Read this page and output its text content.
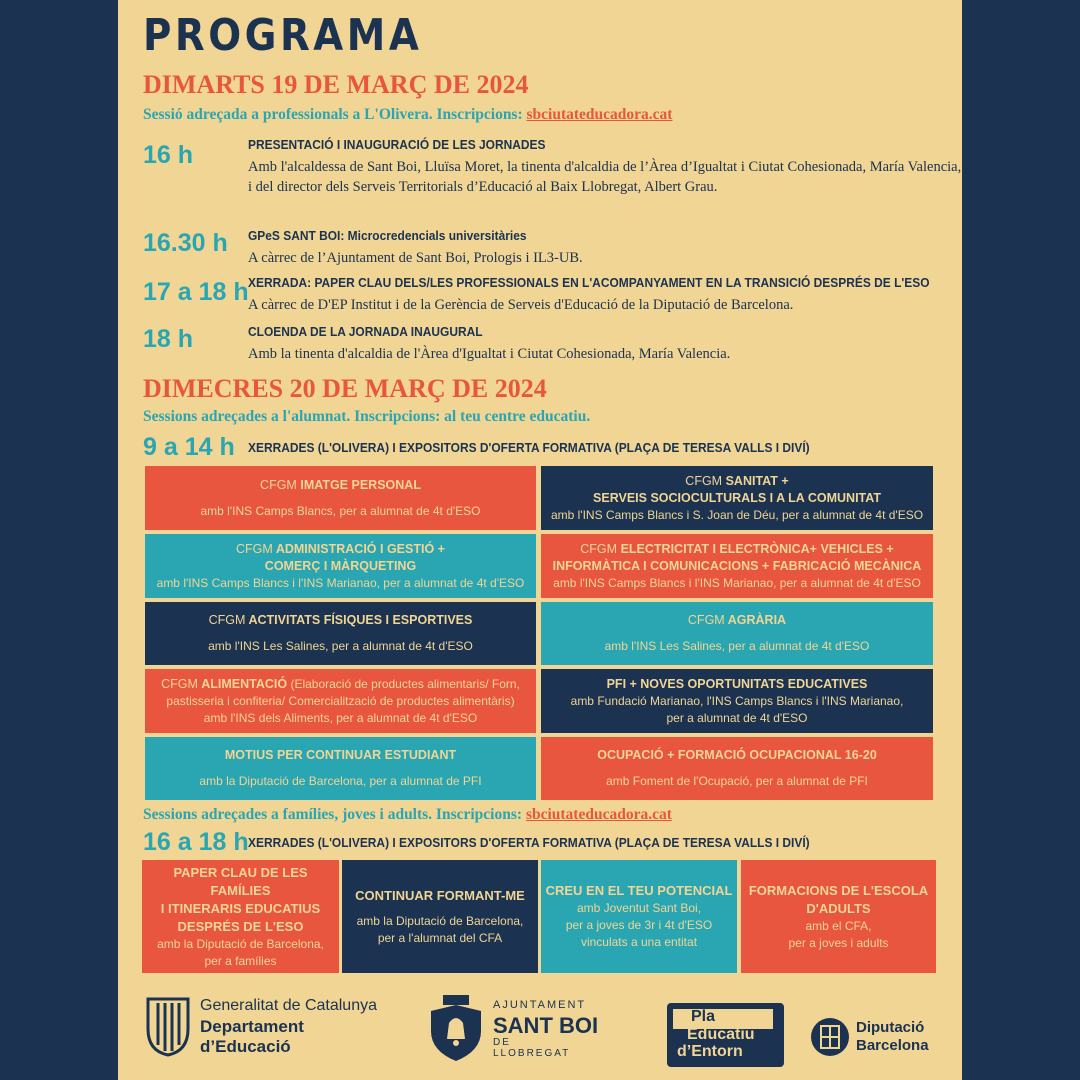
PROGRAMA
DIMARTS 19 DE MARÇ DE 2024
Sessió adreçada a professionals a L'Olivera. Inscripcions: sbciutateducadora.cat
16 h	PRESENTACIÓ I INAUGURACIÓ DE LES JORNADES
Amb l'alcaldessa de Sant Boi, Lluïsa Moret, la tinenta d'alcaldia de l’Àrea d’Igualtat i Ciutat Cohesionada, María Valencia, i del director dels Serveis Territorials d’Educació al Baix Llobregat, Albert Grau.
16.30 h GPeS SANT BOI: Microcredencials universitàries
A càrrec de l’Ajuntament de Sant Boi, Prologis i IL3-UB.
17 a 18 h XERRADA: PAPER CLAU DELS/LES PROFESSIONALS EN L'ACOMPANYAMENT EN LA TRANSICIÓ DESPRÉS DE L'ESO
A càrrec de D'EP Institut i de la Gerència de Serveis d'Educació de la Diputació de Barcelona.
18 h	CLOENDA DE LA JORNADA INAUGURAL
Amb la tinenta d'alcaldia de l'Àrea d'Igualtat i Ciutat Cohesionada, María Valencia.
DIMECRES 20 DE MARÇ DE 2024
Sessions adreçades a l'alumnat. Inscripcions: al teu centre educatiu.
9 a 14 h XERRADES (L'OLIVERA) I EXPOSITORS D'OFERTA FORMATIVA (PLAÇA DE TERESA VALLS I DIVÍ)
CFGM IMATGE PERSONAL
amb l'INS Camps Blancs, per a alumnat de 4t d'ESO
CFGM SANITAT +
SERVEIS SOCIOCULTURALS I A LA COMUNITAT
amb l'INS Camps Blancs i S. Joan de Déu, per a alumnat de 4t d'ESO
CFGM ADMINISTRACIÓ I GESTIÓ +
COMERÇ I MÀRQUETING
amb l'INS Camps Blancs i l'INS Marianao, per a alumnat de 4t d'ESO
CFGM ELECTRICITAT I ELECTRÒNICA+ VEHICLES +
INFORMÀTICA I COMUNICACIONS + FABRICACIÓ MECÀNICA
amb l'INS Camps Blancs i l'INS Marianao, per a alumnat de 4t d'ESO
CFGM ACTIVITATS FÍSIQUES I ESPORTIVES
amb l'INS Les Salines, per a alumnat de 4t d'ESO
CFGM AGRÀRIA
amb l'INS Les Salines, per a alumnat de 4t d'ESO
CFGM ALIMENTACIÓ (Elaboració de productes alimentaris/ Forn,
pastisseria i confiteria/ Comercialització de productes alimentàris)
amb l'INS dels Aliments, per a alumnat de 4t d'ESO
PFI + NOVES OPORTUNITATS EDUCATIVES
amb Fundació Marianao, l'INS Camps Blancs i l'INS Marianao,
per a alumnat de 4t d'ESO
MOTIUS PER CONTINUAR ESTUDIANT
amb la Diputació de Barcelona, per a alumnat de PFI
OCUPACIÓ + FORMACIÓ OCUPACIONAL 16-20
amb Foment de l'Ocupació, per a alumnat de PFI
Sessions adreçades a famílies, joves i adults. Inscripcions: sbciutateducadora.cat
16 a 18 h XERRADES (L'OLIVERA) I EXPOSITORS D'OFERTA FORMATIVA (PLAÇA DE TERESA VALLS I DIVÍ)
PAPER CLAU DE LES FAMÍLIES
I ITINERARIS EDUCATIUS
DESPRÉS DE L'ESO
amb la Diputació de Barcelona,
per a famílies
CONTINUAR FORMANT-ME
amb la Diputació de Barcelona,
per a l'alumnat del CFA
CREU EN EL TEU POTENCIAL
amb Joventut Sant Boi,
per a joves de 3r i 4t d'ESO
vinculats a una entitat
FORMACIONS DE L'ESCOLA
D'ADULTS
amb el CFA,
per a joves i adults
Generalitat de Catalunya
Departament
d’Educació
AJUNTAMENT
SANT BOI
DE LLOBREGAT
Pla
Educatiu
d’Entorn
Diputació
Barcelona
